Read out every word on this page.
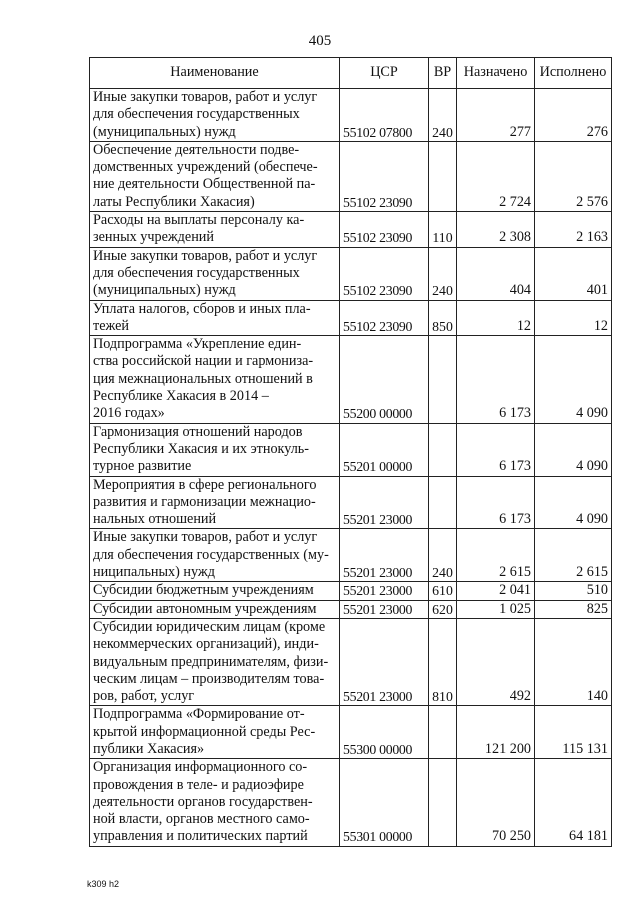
405
Наименование	ЦСР	ВР	Назначено	Исполнено
Иные закупки товаров, работ и услуг
для обеспечения государственных
(муниципальных) нужд	55102 07800	240	277	276
Обеспечение деятельности подве-
домственных учреждений (обеспече-
ние деятельности Общественной па-
латы Республики Хакасия)	55102 23090		2 724	2 576
Расходы на выплаты персоналу ка-
зенных учреждений	55102 23090	110	2 308	2 163
Иные закупки товаров, работ и услуг
для обеспечения государственных
(муниципальных) нужд	55102 23090	240	404	401
Уплата налогов, сборов и иных пла-
тежей	55102 23090	850	12	12
Подпрограмма «Укрепление един-
ства российской нации и гармониза-
ция межнациональных отношений в
Республике Хакасия в 2014 –
2016 годах»	55200 00000		6 173	4 090
Гармонизация отношений народов
Республики Хакасия и их этнокуль-
турное развитие	55201 00000		6 173	4 090
Мероприятия в сфере регионального
развития и гармонизации межнацио-
нальных отношений	55201 23000		6 173	4 090
Иные закупки товаров, работ и услуг
для обеспечения государственных (му-
ниципальных) нужд	55201 23000	240	2 615	2 615
Субсидии бюджетным учреждениям	55201 23000	610	2 041	510
Субсидии автономным учреждениям	55201 23000	620	1 025	825
Субсидии юридическим лицам (кроме
некоммерческих организаций), инди-
видуальным предпринимателям, физи-
ческим лицам – производителям това-
ров, работ, услуг	55201 23000	810	492	140
Подпрограмма «Формирование от-
крытой информационной среды Рес-
публики Хакасия»	55300 00000		121 200	115 131
Организация информационного со-
провождения в теле- и радиоэфире
деятельности органов государствен-
ной власти, органов местного само-
управления и политических партий	55301 00000		70 250	64 181
k309 h2
